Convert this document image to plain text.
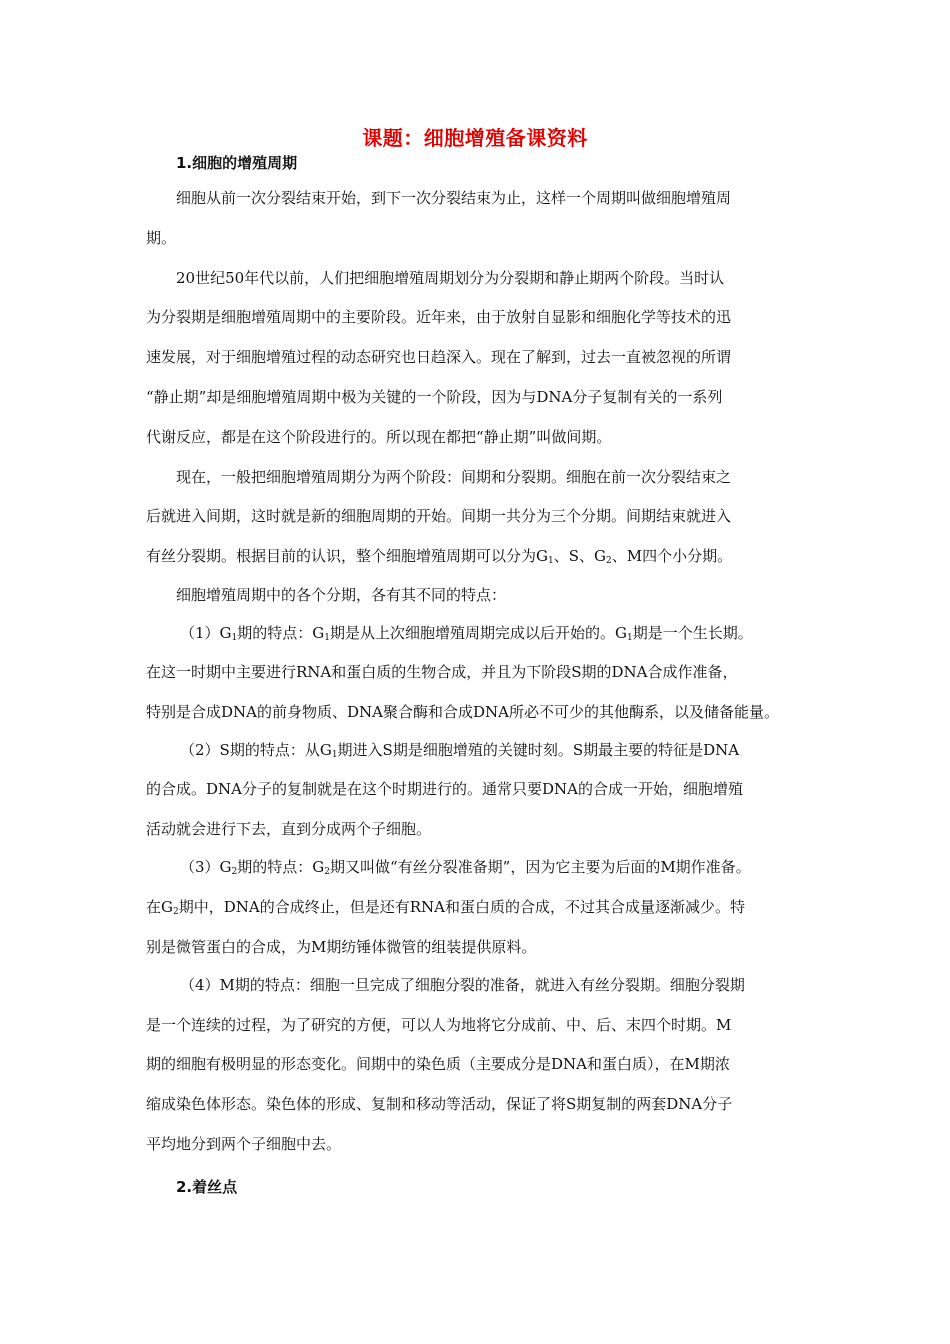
课题：细胞增殖备课资料
1.细胞的增殖周期
细胞从前一次分裂结束开始，到下一次分裂结束为止，这样一个周期叫做细胞增殖周
期。
20世纪50年代以前，人们把细胞增殖周期划分为分裂期和静止期两个阶段。当时认
为分裂期是细胞增殖周期中的主要阶段。近年来，由于放射自显影和细胞化学等技术的迅
速发展，对于细胞增殖过程的动态研究也日趋深入。现在了解到，过去一直被忽视的所谓
“静止期”却是细胞增殖周期中极为关键的一个阶段，因为与DNA分子复制有关的一系列
代谢反应，都是在这个阶段进行的。所以现在都把“静止期”叫做间期。
现在，一般把细胞增殖周期分为两个阶段：间期和分裂期。细胞在前一次分裂结束之
后就进入间期，这时就是新的细胞周期的开始。间期一共分为三个分期。间期结束就进入
有丝分裂期。根据目前的认识，整个细胞增殖周期可以分为$G_1$、S、$G_2$、M四个小分期。
细胞增殖周期中的各个分期，各有其不同的特点：
$(1)G_1$期的特点：$G_1$期是从上次细胞增殖周期完成以后开始的。$G_1$期是一个生长期。
在这一时期中主要进行RNA和蛋白质的生物合成，并且为下阶段S期的DNA合成作准备，
特别是合成DNA的前身物质、DNA聚合酶和合成DNA所必不可少的其他酶系，以及储备能量。
（2）S期的特点：从$G_1$期进入S期是细胞增殖的关键时刻。S期最主要的特征是DNA
的合成。DNA分子的复制就是在这个时期进行的。通常只要DNA的合成一开始，细胞增殖
活动就会进行下去，直到分成两个子细胞。
$(3)G_2$期的特点：$G_2$期又叫做“有丝分裂准备期”，因为它主要为后面的M期作准备。
在$G_2$期中，DNA的合成终止，但是还有RNA和蛋白质的合成，不过其合成量逐渐减少。特
别是微管蛋白的合成，为M期纺锤体微管的组装提供原料。
（4）M期的特点：细胞一旦完成了细胞分裂的准备，就进入有丝分裂期。细胞分裂期
是一个连续的过程，为了研究的方便，可以人为地将它分成前、中、后、末四个时期。M
期的细胞有极明显的形态变化。间期中的染色质（主要成分是DNA和蛋白质），在M期浓
缩成染色体形态。染色体的形成、复制和移动等活动，保证了将S期复制的两套DNA分子
平均地分到两个子细胞中去。
2.着丝点
